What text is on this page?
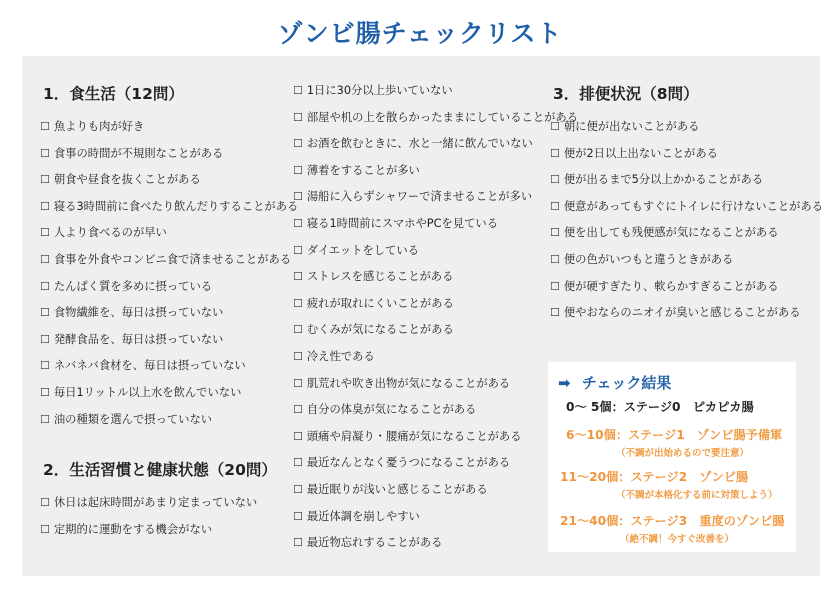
ゾンビ腸チェックリスト
1．食生活（12問）
☐ 魚よりも肉が好き
☐ 食事の時間が不規則なことがある
☐ 朝食や昼食を抜くことがある
☐ 寝る3時間前に食べたり飲んだりすることがある
☐ 人より食べるのが早い
☐ 食事を外食やコンビニ食で済ませることがある
☐ たんぱく質を多めに摂っている
☐ 食物繊維を、毎日は摂っていない
☐ 発酵食品を、毎日は摂っていない
☐ ネバネバ食材を、毎日は摂っていない
☐ 毎日1リットル以上水を飲んでいない
☐ 油の種類を選んで摂っていない
2．生活習慣と健康状態（20問）
☐ 休日は起床時間があまり定まっていない
☐ 定期的に運動をする機会がない
☐ 1日に30分以上歩いていない
☐ 部屋や机の上を散らかったままにしていることがある
☐ お酒を飲むときに、水と一緒に飲んでいない
☐ 薄着をすることが多い
☐ 湯船に入らずシャワーで済ませることが多い
☐ 寝る1時間前にスマホやPCを見ている
☐ ダイエットをしている
☐ ストレスを感じることがある
☐ 疲れが取れにくいことがある
☐ むくみが気になることがある
☐ 冷え性である
☐ 肌荒れや吹き出物が気になることがある
☐ 自分の体臭が気になることがある
☐ 頭痛や肩凝り・腰痛が気になることがある
☐ 最近なんとなく憂うつになることがある
☐ 最近眠りが浅いと感じることがある
☐ 最近体調を崩しやすい
☐ 最近物忘れすることがある
3．排便状況（8問）
☐ 朝に便が出ないことがある
☐ 便が2日以上出ないことがある
☐ 便が出るまで5分以上かかることがある
☐ 便意があってもすぐにトイレに行けないことがある
☐ 便を出しても残便感が気になることがある
☐ 便の色がいつもと違うときがある
☐ 便が硬すぎたり、軟らかすぎることがある
☐ 便やおならのニオイが臭いと感じることがある
➡ チェック結果
0〜 5個：ステージ0　ピカピカ腸
6〜10個：ステージ1　ゾンビ腸予備軍
（不調が出始めるので要注意）
11〜20個：ステージ2　ゾンビ腸
（不調が本格化する前に対策しよう）
21〜40個：ステージ3　重度のゾンビ腸
（絶不調！今すぐ改善を）
